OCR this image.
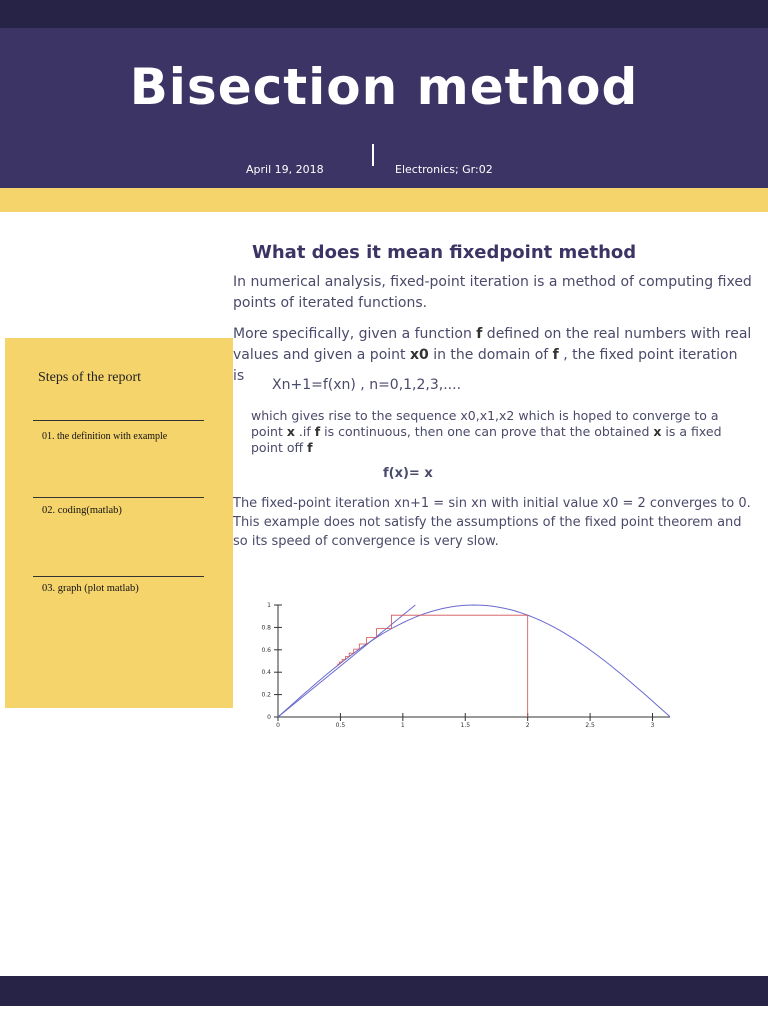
Bisection method
April 19, 2018	Electronics; Gr:02
Steps of the report
01. the definition with example
02. coding(matlab)
03. graph (plot matlab)
What does it mean fixedpoint method
In numerical analysis, fixed-point iteration is a method of computing fixed points of iterated functions.
More specifically, given a function f defined on the real numbers with real values and given a point x0 in the domain of f , the fixed point iteration is
Xn+1=f(xn) , n=0,1,2,3,....
which gives rise to the sequence x0,x1,x2 which is hoped to converge to a point x .if f is continuous, then one can prove that the obtained x is a fixed point off f
f(x)= x
The fixed-point iteration xn+1 = sin xn with initial value x0 = 2 converges to 0. This example does not satisfy the assumptions of the fixed point theorem and so its speed of convergence is very slow.
0	0.5	1	1.5	2	2.5	3
0
0.2
0.4
0.6
0.8
1
